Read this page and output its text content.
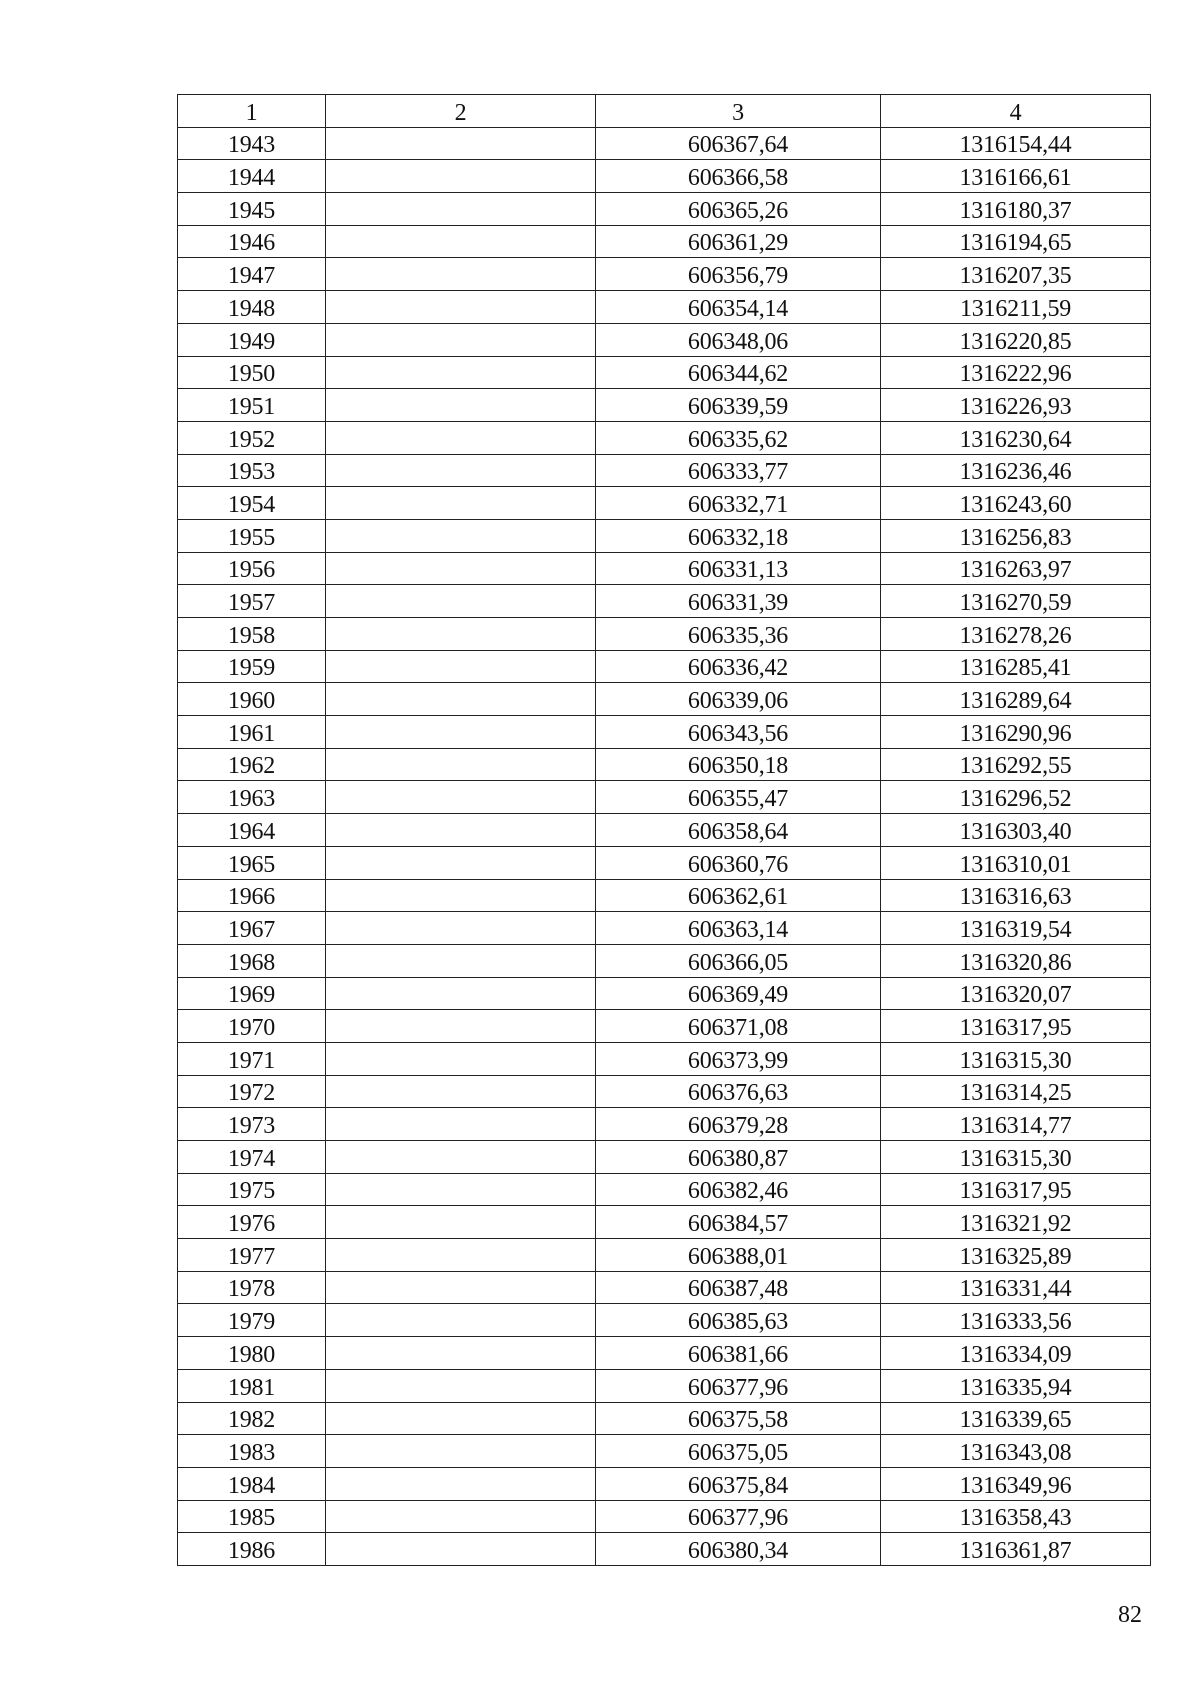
1	2	3	4
1943		606367,64	1316154,44
1944		606366,58	1316166,61
1945		606365,26	1316180,37
1946		606361,29	1316194,65
1947		606356,79	1316207,35
1948		606354,14	1316211,59
1949		606348,06	1316220,85
1950		606344,62	1316222,96
1951		606339,59	1316226,93
1952		606335,62	1316230,64
1953		606333,77	1316236,46
1954		606332,71	1316243,60
1955		606332,18	1316256,83
1956		606331,13	1316263,97
1957		606331,39	1316270,59
1958		606335,36	1316278,26
1959		606336,42	1316285,41
1960		606339,06	1316289,64
1961		606343,56	1316290,96
1962		606350,18	1316292,55
1963		606355,47	1316296,52
1964		606358,64	1316303,40
1965		606360,76	1316310,01
1966		606362,61	1316316,63
1967		606363,14	1316319,54
1968		606366,05	1316320,86
1969		606369,49	1316320,07
1970		606371,08	1316317,95
1971		606373,99	1316315,30
1972		606376,63	1316314,25
1973		606379,28	1316314,77
1974		606380,87	1316315,30
1975		606382,46	1316317,95
1976		606384,57	1316321,92
1977		606388,01	1316325,89
1978		606387,48	1316331,44
1979		606385,63	1316333,56
1980		606381,66	1316334,09
1981		606377,96	1316335,94
1982		606375,58	1316339,65
1983		606375,05	1316343,08
1984		606375,84	1316349,96
1985		606377,96	1316358,43
1986		606380,34	1316361,87
82
